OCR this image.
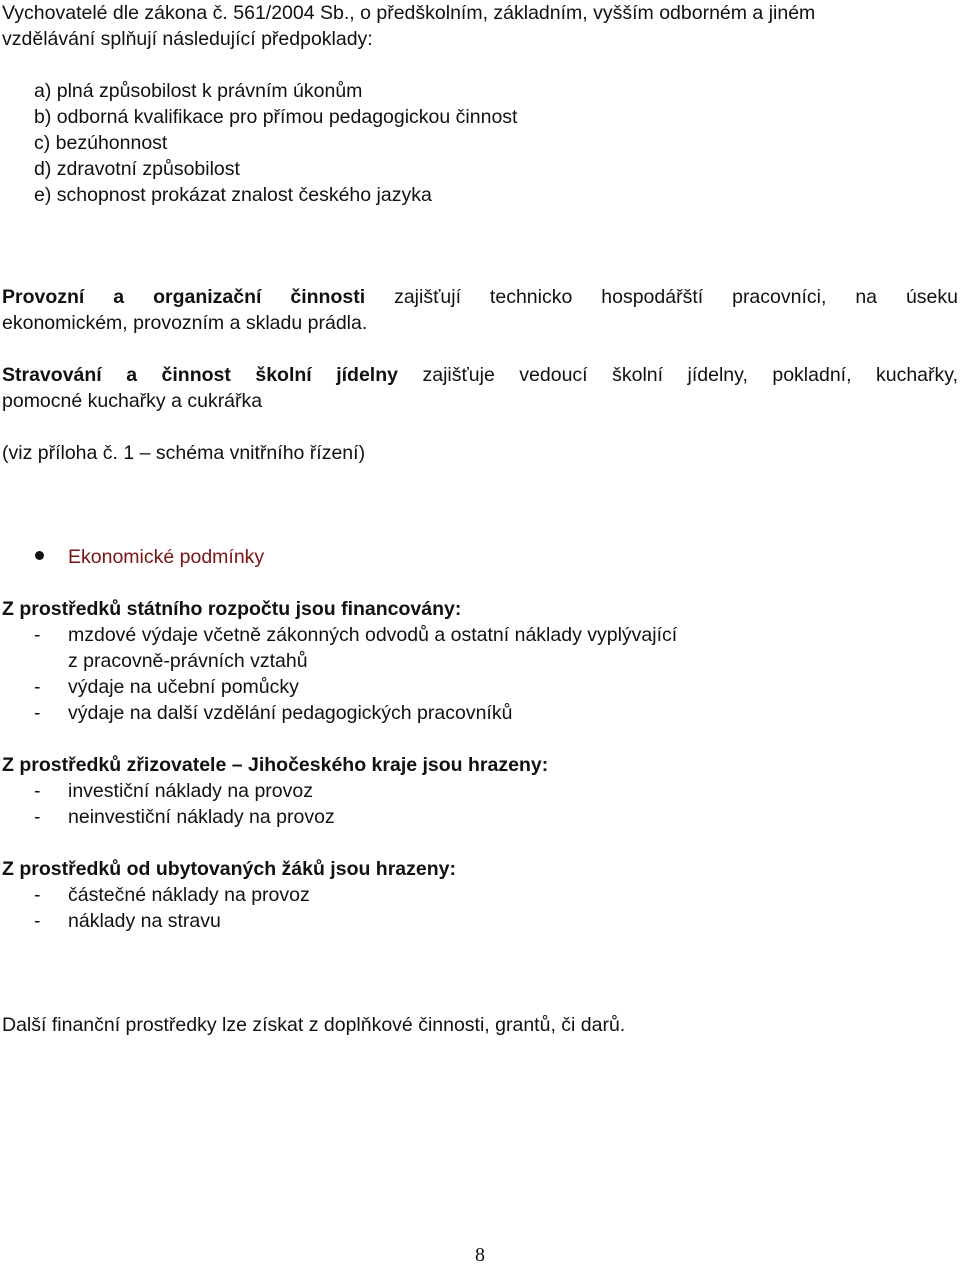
Vychovatelé dle zákona č. 561/2004 Sb., o předškolním, základním, vyšším odborném a jiném
vzdělávání splňují následující předpoklady:
a) plná způsobilost k právním úkonům
b) odborná kvalifikace pro přímou pedagogickou činnost
c) bezúhonnost
d) zdravotní způsobilost
e) schopnost prokázat znalost českého jazyka
Provozní a organizační činnosti zajišťují technicko hospodářští pracovníci, na úseku
ekonomickém, provozním a skladu prádla.
Stravování a činnost školní jídelny zajišťuje vedoucí školní jídelny, pokladní, kuchařky,
pomocné kuchařky a cukrářka
(viz příloha č. 1 – schéma vnitřního řízení)
Ekonomické podmínky
Z prostředků státního rozpočtu jsou financovány:
- mzdové výdaje včetně zákonných odvodů a ostatní náklady vyplývající
z pracovně-právních vztahů
- výdaje na učební pomůcky
- výdaje na další vzdělání pedagogických pracovníků
Z prostředků zřizovatele – Jihočeského kraje jsou hrazeny:
- investiční náklady na provoz
- neinvestiční náklady na provoz
Z prostředků od ubytovaných žáků jsou hrazeny:
- částečné náklady na provoz
- náklady na stravu
Další finanční prostředky lze získat z doplňkové činnosti, grantů, či darů.
8
